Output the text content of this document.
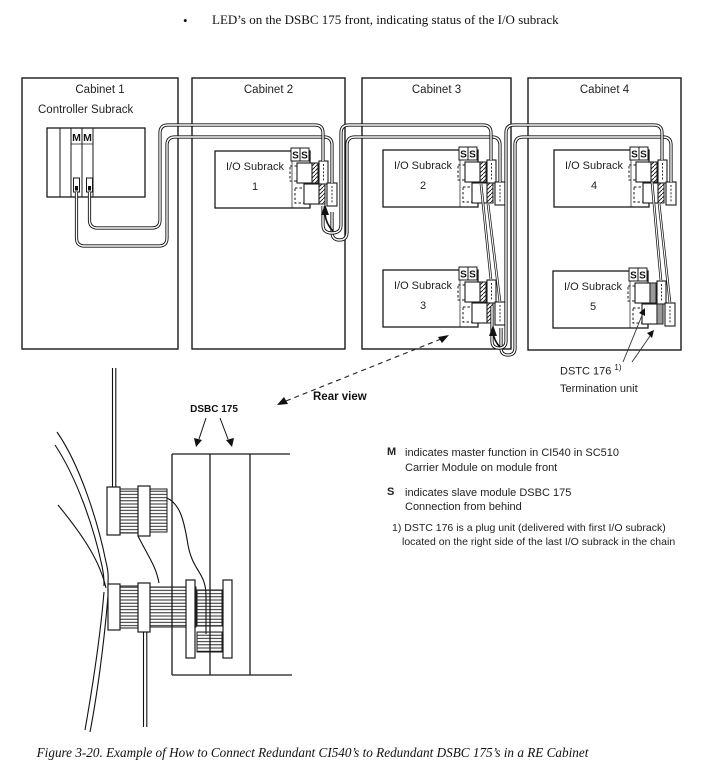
S S
M M
• LED’s on the DSBC 175 front, indicating status of the I/O subrack
Cabinet 1	Cabinet 2	Cabinet 3	Cabinet 4
Controller Subrack
I/O Subrack
1
I/O Subrack
2
I/O Subrack
3
I/O Subrack
4
I/O Subrack
5
DSTC 176 $^{1)}$
Termination unit
DSBC 175
Rear view
M indicates master function in CI540 in SC510
Carrier Module on module front
S indicates slave module DSBC 175
Connection from behind
1) DSTC 176 is a plug unit (delivered with first I/O subrack)
located on the right side of the last I/O subrack in the chain
Figure 3-20. Example of How to Connect Redundant CI540’s to Redundant DSBC 175’s in a RE Cabinet
